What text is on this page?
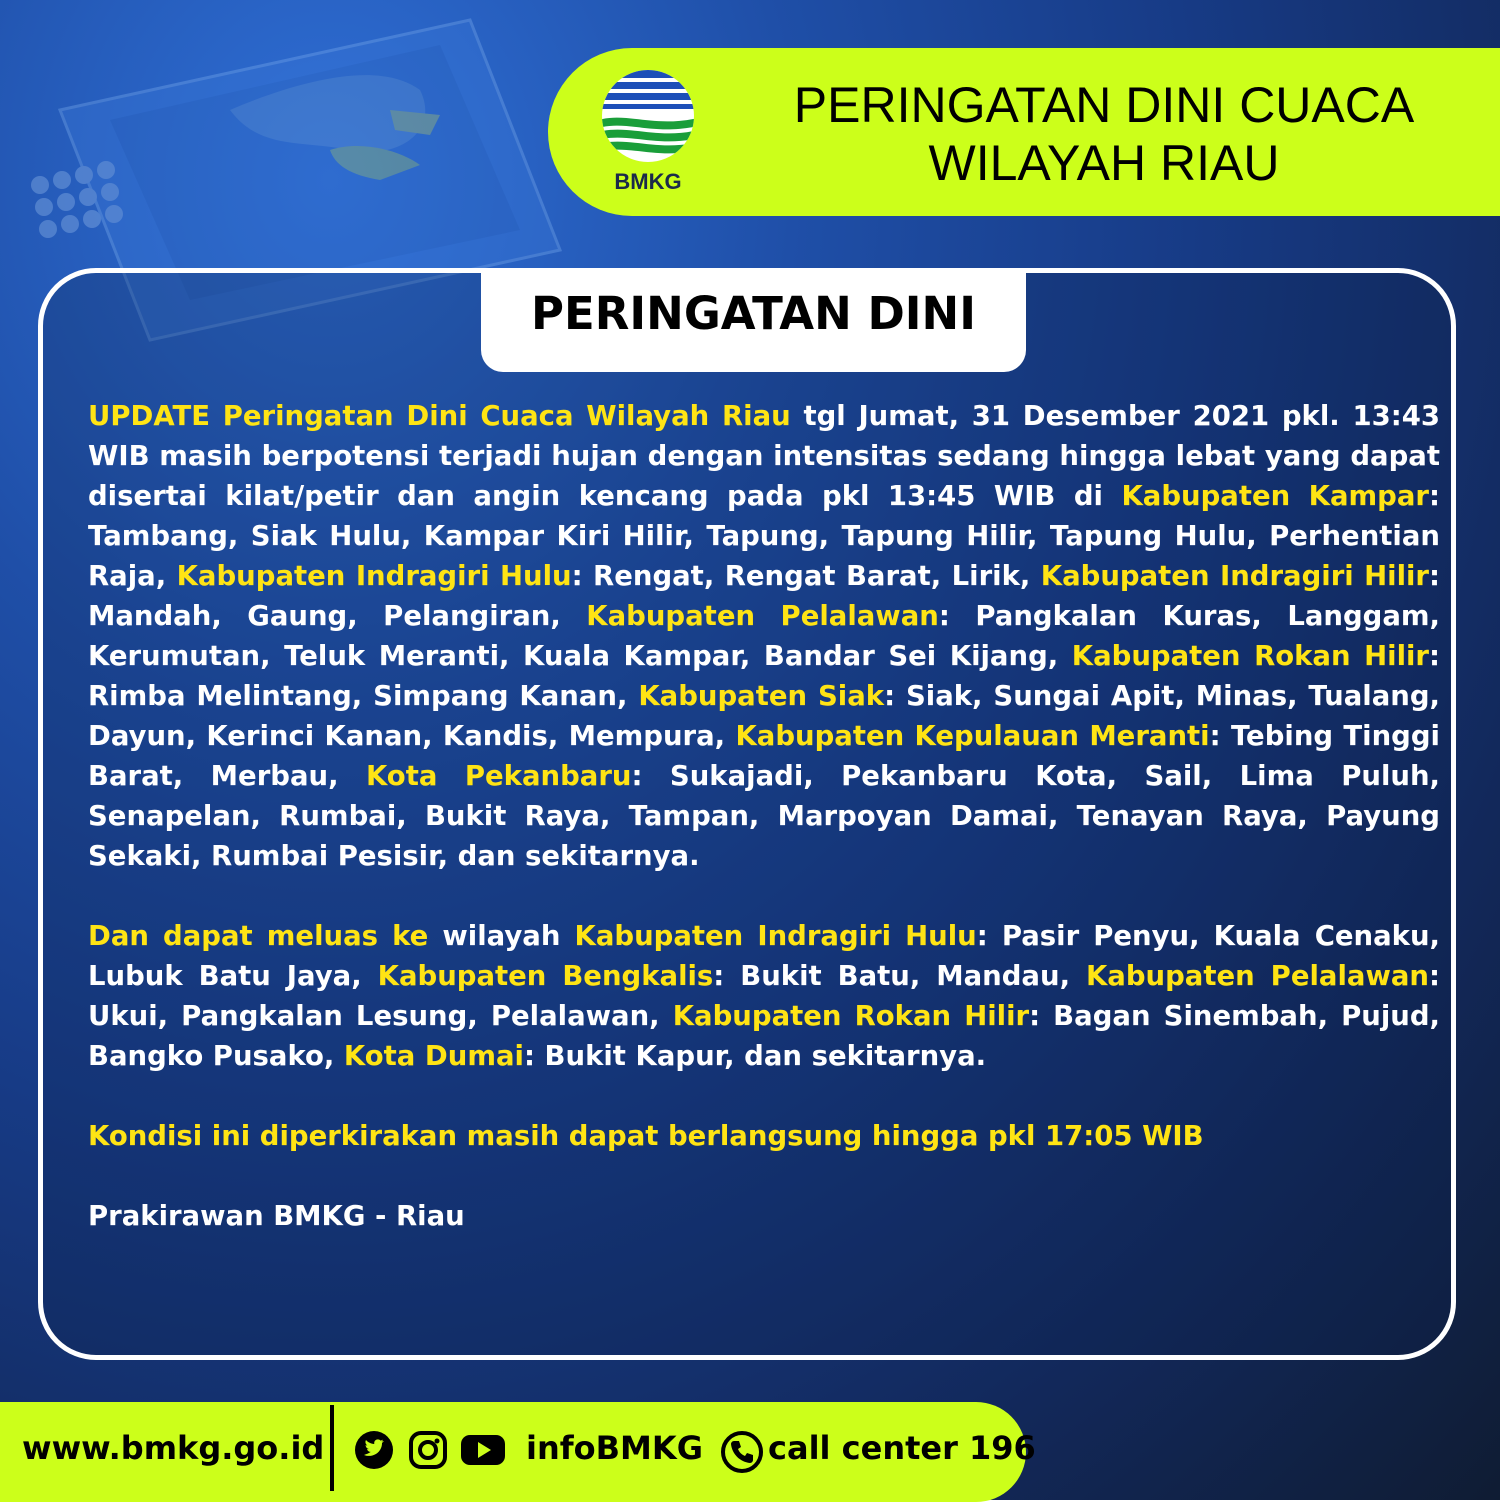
BMKG
PERINGATAN DINI CUACA
WILAYAH RIAU
PERINGATAN DINI

UPDATE Peringatan Dini Cuaca Wilayah Riau tgl Jumat, 31 Desember 2021 pkl. 13:43 WIB masih berpotensi terjadi hujan dengan intensitas sedang hingga lebat yang dapat disertai kilat/petir dan angin kencang pada pkl 13:45 WIB di Kabupaten Kampar: Tambang, Siak Hulu, Kampar Kiri Hilir, Tapung, Tapung Hilir, Tapung Hulu, Perhentian Raja, Kabupaten Indragiri Hulu: Rengat, Rengat Barat, Lirik, Kabupaten Indragiri Hilir: Mandah, Gaung, Pelangiran, Kabupaten Pelalawan: Pangkalan Kuras, Langgam, Kerumutan, Teluk Meranti, Kuala Kampar, Bandar Sei Kijang, Kabupaten Rokan Hilir: Rimba Melintang, Simpang Kanan, Kabupaten Siak: Siak, Sungai Apit, Minas, Tualang, Dayun, Kerinci Kanan, Kandis, Mempura, Kabupaten Kepulauan Meranti: Tebing Tinggi Barat, Merbau, Kota Pekanbaru: Sukajadi, Pekanbaru Kota, Sail, Lima Puluh, Senapelan, Rumbai, Bukit Raya, Tampan, Marpoyan Damai, Tenayan Raya, Payung Sekaki, Rumbai Pesisir, dan sekitarnya.

Dan dapat meluas ke wilayah Kabupaten Indragiri Hulu: Pasir Penyu, Kuala Cenaku, Lubuk Batu Jaya, Kabupaten Bengkalis: Bukit Batu, Mandau, Kabupaten Pelalawan: Ukui, Pangkalan Lesung, Pelalawan, Kabupaten Rokan Hilir: Bagan Sinembah, Pujud, Bangko Pusako, Kota Dumai: Bukit Kapur, dan sekitarnya.

Kondisi ini diperkirakan masih dapat berlangsung hingga pkl 17:05 WIB

Prakirawan BMKG - Riau

www.bmkg.go.id	infoBMKG call center 196
